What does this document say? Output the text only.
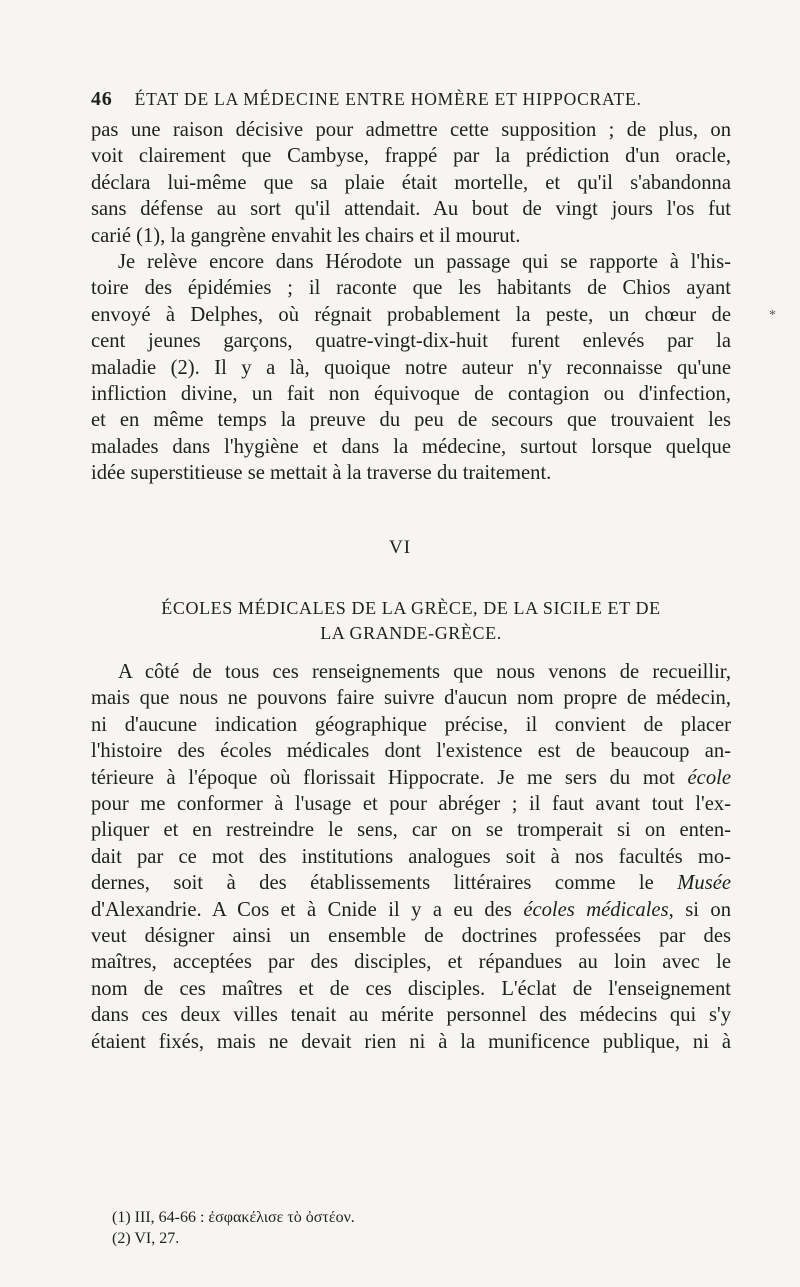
46 ÉTAT DE LA MÉDECINE ENTRE HOMÈRE ET HIPPOCRATE.
*

pas une raison décisive pour admettre cette supposition ; de plus, on

voit clairement que Cambyse, frappé par la prédiction d'un oracle,

déclara lui-même que sa plaie était mortelle, et qu'il s'abandonna

sans défense au sort qu'il attendait. Au bout de vingt jours l'os fut

carié (1), la gangrène envahit les chairs et il mourut.

Je relève encore dans Hérodote un passage qui se rapporte à l'his-

toire des épidémies ; il raconte que les habitants de Chios ayant

envoyé à Delphes, où régnait probablement la peste, un chœur de

cent jeunes garçons, quatre-vingt-dix-huit furent enlevés par la

maladie (2). Il y a là, quoique notre auteur n'y reconnaisse qu'une

infliction divine, un fait non équivoque de contagion ou d'infection,

et en même temps la preuve du peu de secours que trouvaient les

malades dans l'hygiène et dans la médecine, surtout lorsque quelque

idée superstitieuse se mettait à la traverse du traitement.

VI
ÉCOLES MÉDICALES DE LA GRÈCE, DE LA SICILE ET DE
LA GRANDE-GRÈCE.

A côté de tous ces renseignements que nous venons de recueillir,

mais que nous ne pouvons faire suivre d'aucun nom propre de médecin,

ni d'aucune indication géographique précise, il convient de placer

l'histoire des écoles médicales dont l'existence est de beaucoup an-

térieure à l'époque où florissait Hippocrate. Je me sers du mot école

pour me conformer à l'usage et pour abréger ; il faut avant tout l'ex-

pliquer et en restreindre le sens, car on se tromperait si on enten-

dait par ce mot des institutions analogues soit à nos facultés mo-

dernes, soit à des établissements littéraires comme le Musée

d'Alexandrie. A Cos et à Cnide il y a eu des écoles médicales, si on

veut désigner ainsi un ensemble de doctrines professées par des

maîtres, acceptées par des disciples, et répandues au loin avec le

nom de ces maîtres et de ces disciples. L'éclat de l'enseignement

dans ces deux villes tenait au mérite personnel des médecins qui s'y

étaient fixés, mais ne devait rien ni à la munificence publique, ni à

(1) III, 64-66 : ἐσφακέλισε τὸ ὀστέον.
(2) VI, 27.
